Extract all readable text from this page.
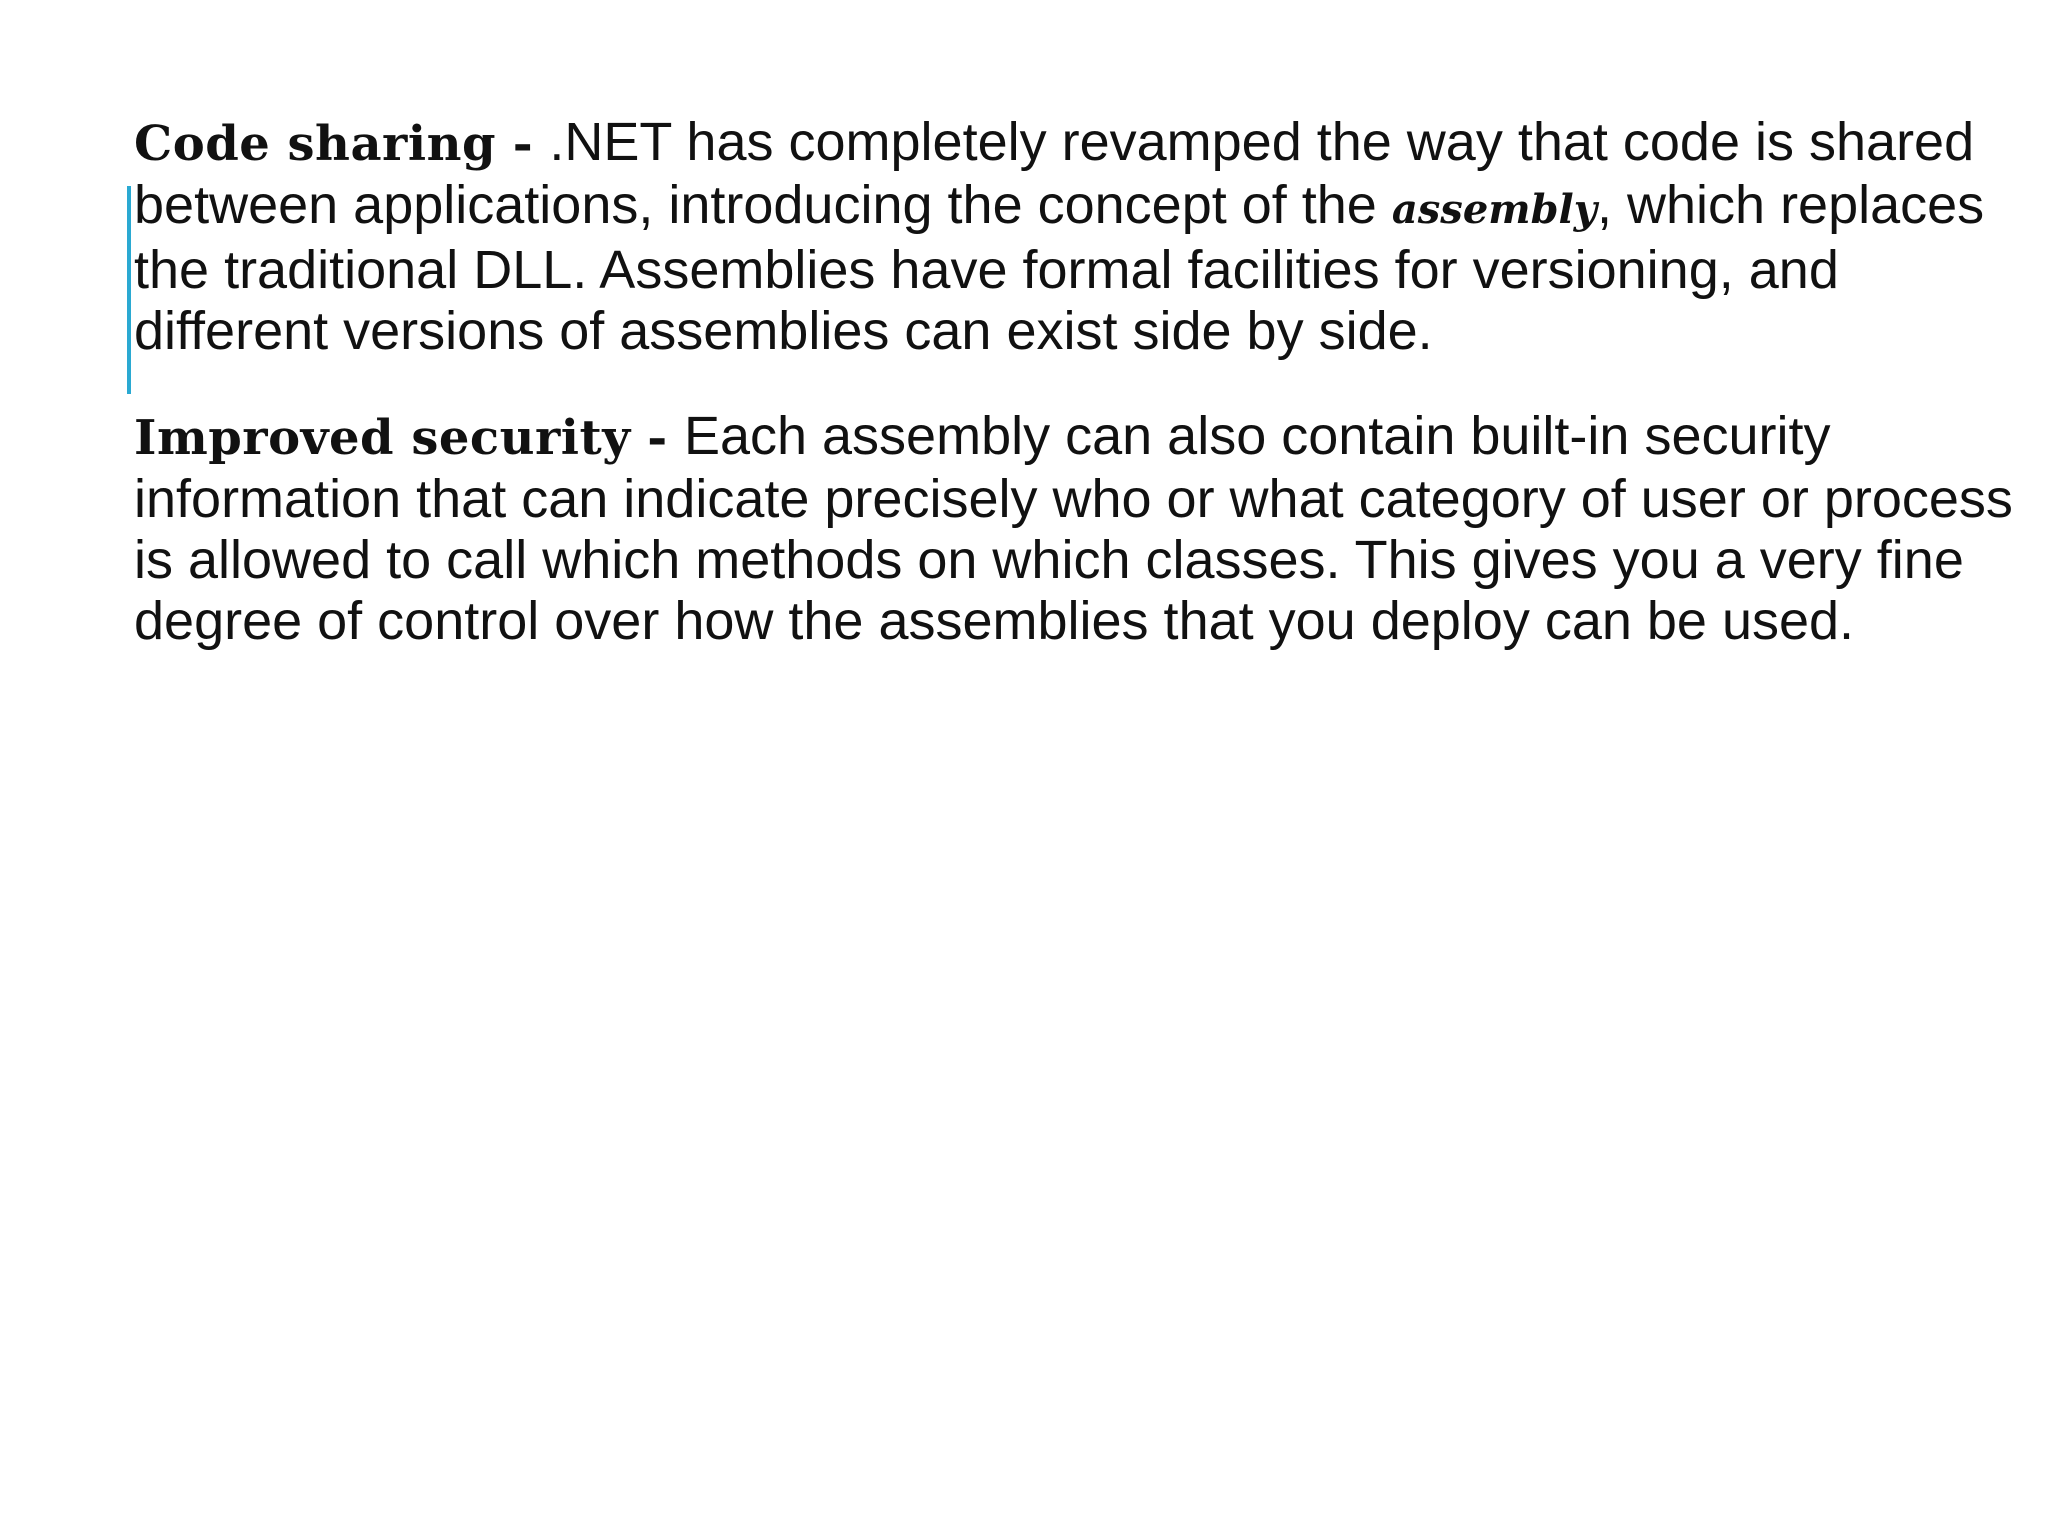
Code sharing - .NET has completely revamped the way that code is shared between applications, introducing the concept of the assembly, which replaces the traditional DLL. Assemblies have formal facilities for versioning, and different versions of assemblies can exist side by side.

Improved security - Each assembly can also contain built-in security information that can indicate precisely who or what category of user or process is allowed to call which methods on which classes. This gives you a very fine degree of control over how the assemblies that you deploy can be used.
